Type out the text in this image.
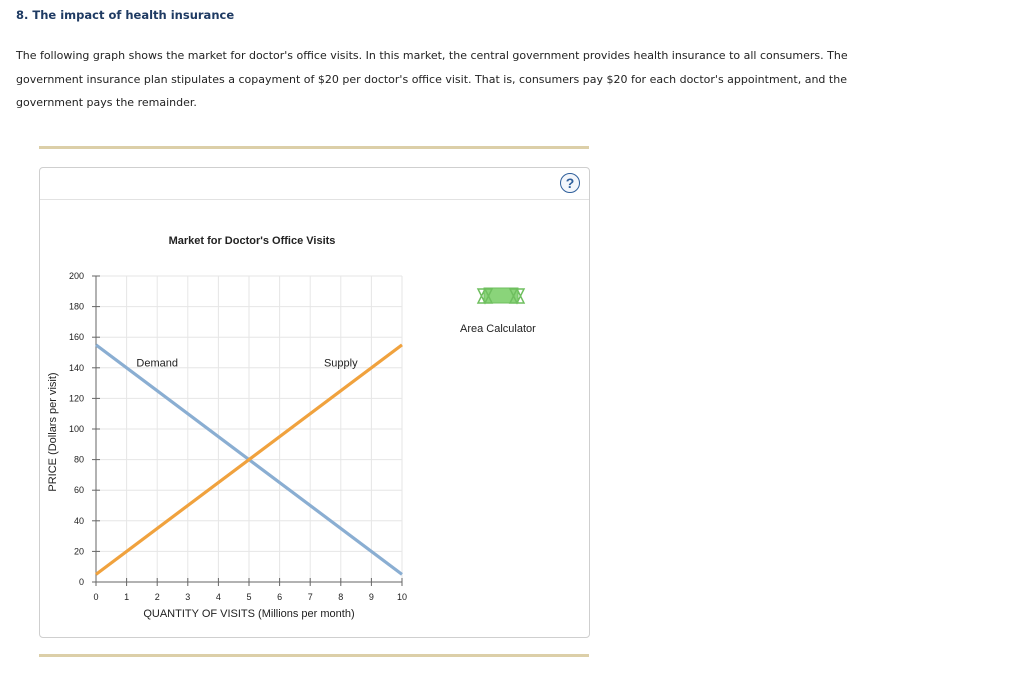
8. The impact of health insurance
The following graph shows the market for doctor's office visits. In this market, the central government provides health insurance to all consumers. The government insurance plan stipulates a copayment of $20 per doctor's office visit. That is, consumers pay $20 for each doctor's appointment, and the government pays the remainder.
?
Market for Doctor's Office Visits
0
20
40
60
80
100
120
140
160
180
200
0	1	2	3	4	5	6	7	8	9	10
Demand	Supply
QUANTITY OF VISITS (Millions per month)
PRICE (Dollars per visit)
Area Calculator
